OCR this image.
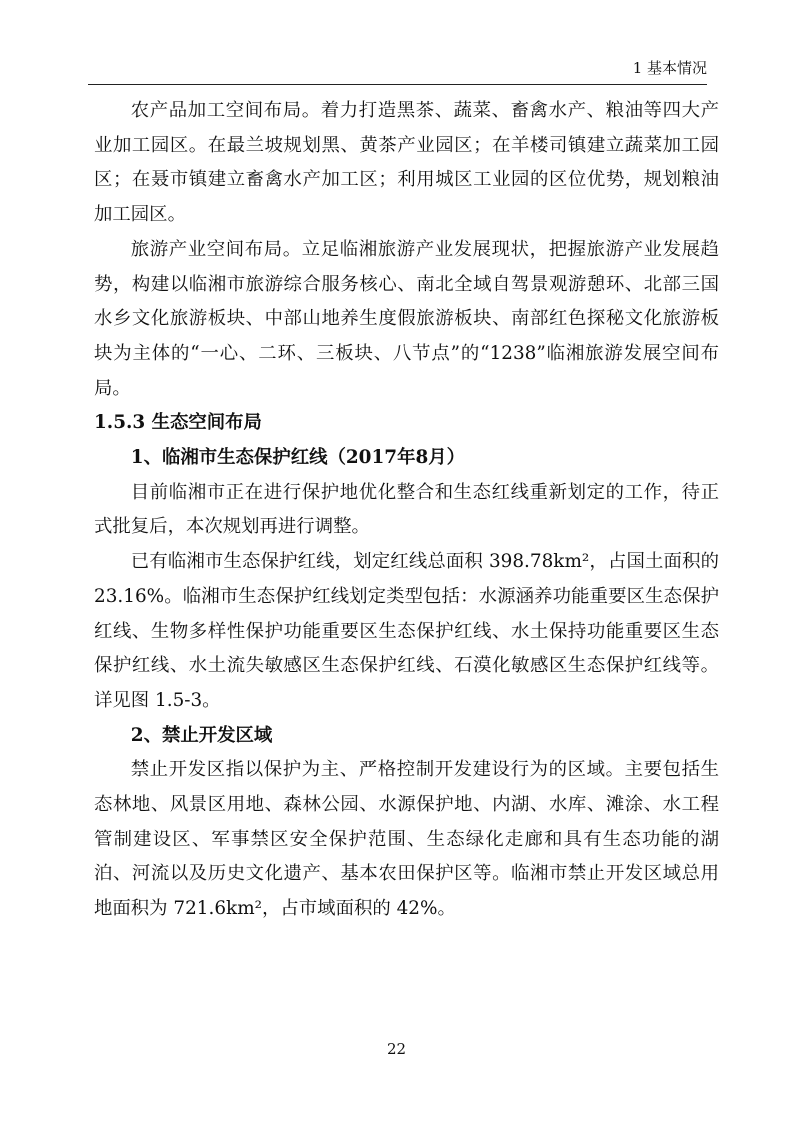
1 基本情况

农产品加工空间布局。着力打造黑茶、蔬菜、畜禽水产、粮油等四大产业加工园区。在最兰坡规划黑、黄茶产业园区；在羊楼司镇建立蔬菜加工园区；在聂市镇建立畜禽水产加工区；利用城区工业园的区位优势，规划粮油加工园区。

旅游产业空间布局。立足临湘旅游产业发展现状，把握旅游产业发展趋势，构建以临湘市旅游综合服务核心、南北全域自驾景观游憩环、北部三国水乡文化旅游板块、中部山地养生度假旅游板块、南部红色探秘文化旅游板块为主体的“一心、二环、三板块、八节点”的“1238”临湘旅游发展空间布局。

1.5.3 生态空间布局

1、临湘市生态保护红线（2017年8月）

目前临湘市正在进行保护地优化整合和生态红线重新划定的工作，待正式批复后，本次规划再进行调整。

已有临湘市生态保护红线，划定红线总面积 398.78km²，占国土面积的23.16%。临湘市生态保护红线划定类型包括：水源涵养功能重要区生态保护红线、生物多样性保护功能重要区生态保护红线、水土保持功能重要区生态保护红线、水土流失敏感区生态保护红线、石漠化敏感区生态保护红线等。详见图 1.5-3。

2、禁止开发区域

禁止开发区指以保护为主、严格控制开发建设行为的区域。主要包括生态林地、风景区用地、森林公园、水源保护地、内湖、水库、滩涂、水工程管制建设区、军事禁区安全保护范围、生态绿化走廊和具有生态功能的湖泊、河流以及历史文化遗产、基本农田保护区等。临湘市禁止开发区域总用地面积为 721.6km²，占市域面积的 42%。

22
